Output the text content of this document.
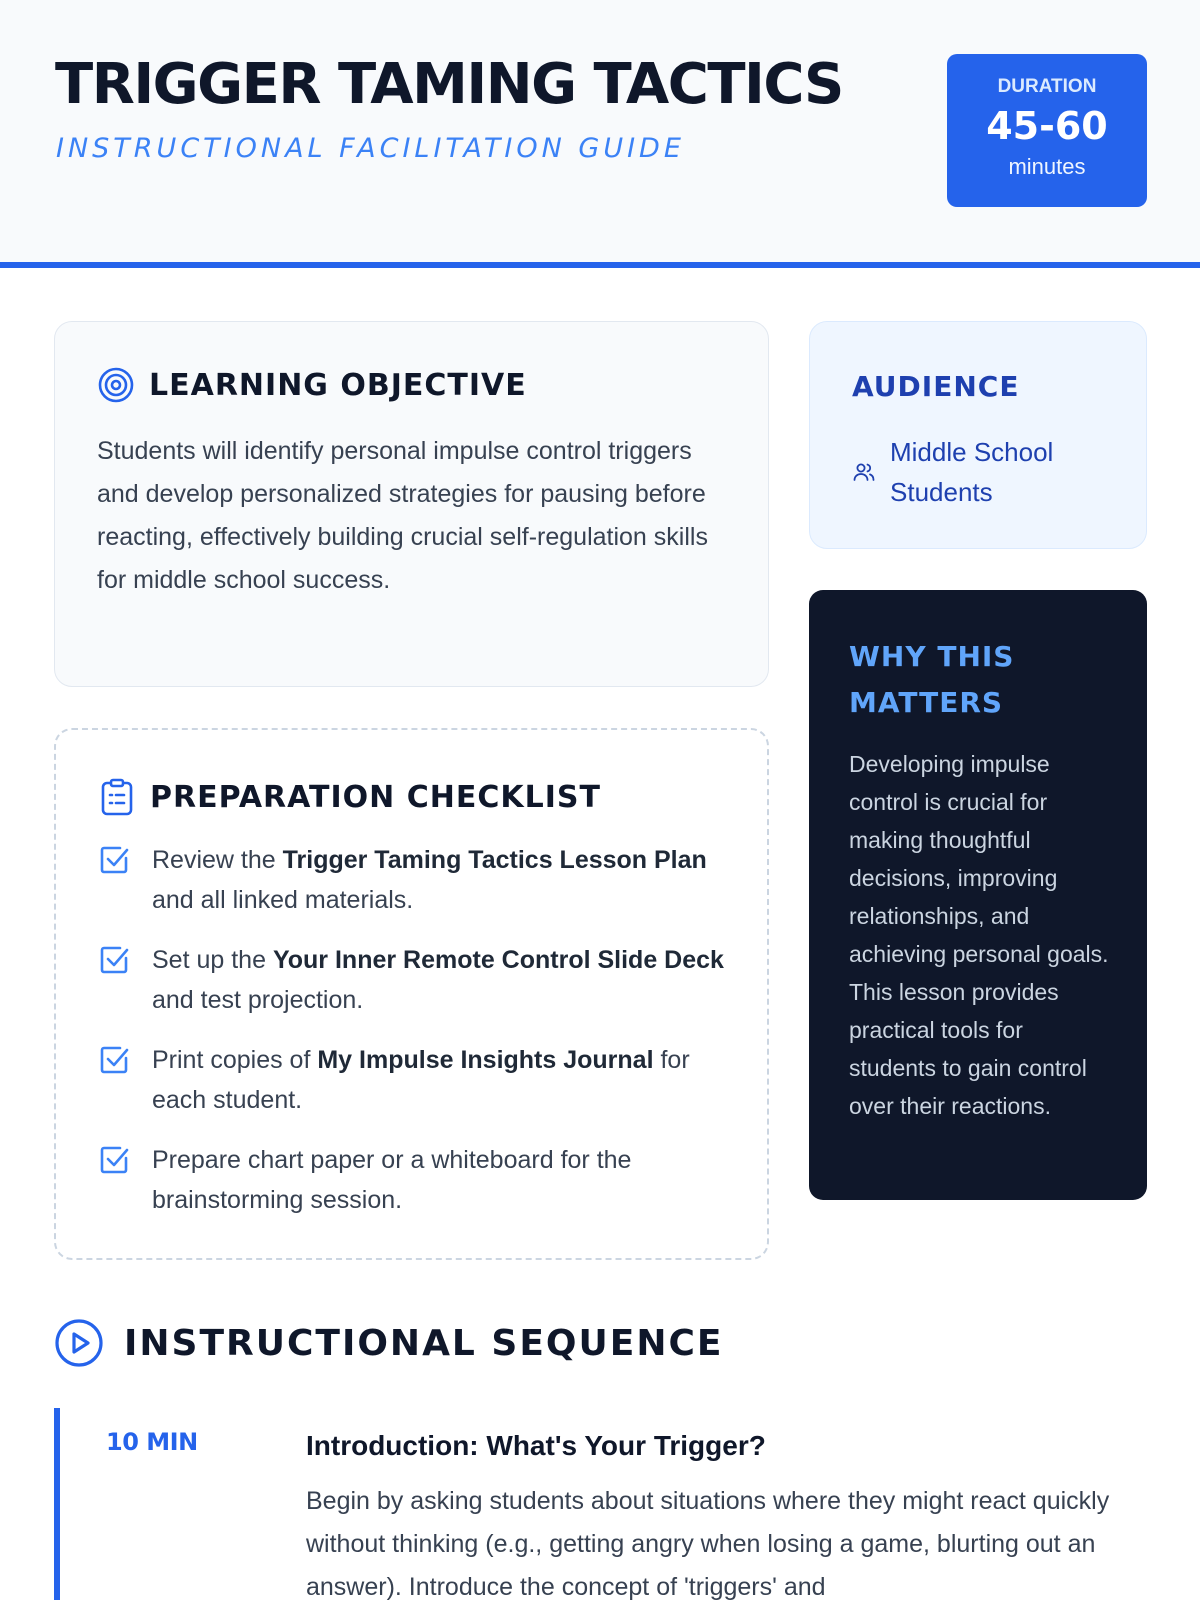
TRIGGER TAMING TACTICS
INSTRUCTIONAL FACILITATION GUIDE
DURATION
45-60
minutes
LEARNING OBJECTIVE

Students will identify personal impulse control triggers and develop personalized strategies for pausing before reacting, effectively building crucial self-regulation skills for middle school success.

PREPARATION CHECKLIST
Review the Trigger Taming Tactics Lesson Plan and all linked materials.
Set up the Your Inner Remote Control Slide Deck and test projection.
Print copies of My Impulse Insights Journal for each student.
Prepare chart paper or a whiteboard for the brainstorming session.
AUDIENCE
Middle School Students
WHY THIS MATTERS

Developing impulse control is crucial for making thoughtful decisions, improving relationships, and achieving personal goals. This lesson provides practical tools for students to gain control over their reactions.

INSTRUCTIONAL SEQUENCE
10 MIN	Introduction: What's Your Trigger?

Begin by asking students about situations where they might react quickly without thinking (e.g., getting angry when losing a game, blurting out an answer). Introduce the concept of 'triggers' and
